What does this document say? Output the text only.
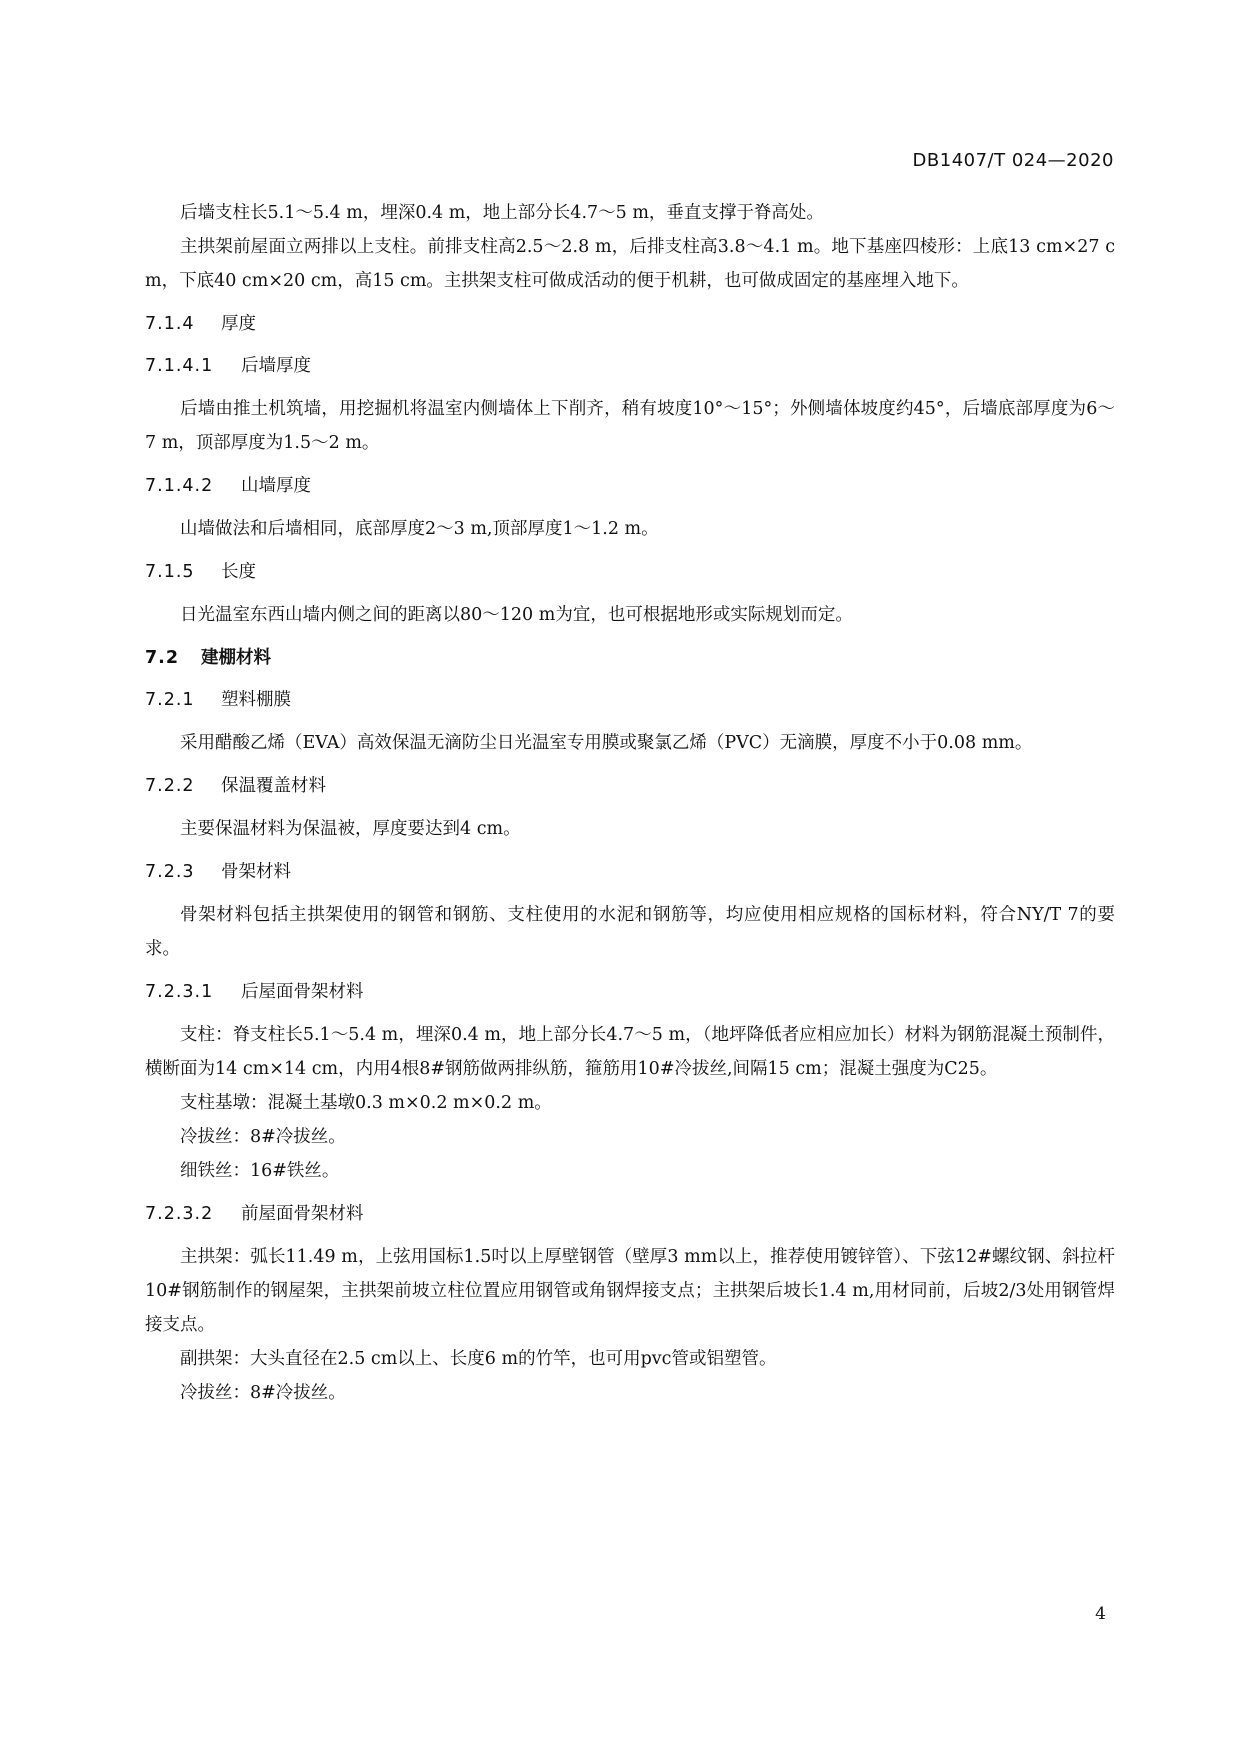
DB1407/T 024—2020

后墙支柱长5.1～5.4 m，埋深0.4 m，地上部分长4.7～5 m，垂直支撑于脊高处。

主拱架前屋面立两排以上支柱。前排支柱高2.5～2.8 m，后排支柱高3.8～4.1 m。地下基座四棱形：上底13 cm×27 cm，下底40 cm×20 cm，高15 cm。主拱架支柱可做成活动的便于机耕，也可做成固定的基座埋入地下。

7.1.4 厚度
7.1.4.1 后墙厚度

后墙由推土机筑墙，用挖掘机将温室内侧墙体上下削齐，稍有坡度10°～15°；外侧墙体坡度约45°，后墙底部厚度为6～7 m，顶部厚度为1.5～2 m。

7.1.4.2 山墙厚度

山墙做法和后墙相同，底部厚度2～3 m,顶部厚度1～1.2 m。

7.1.5 长度

日光温室东西山墙内侧之间的距离以80～120 m为宜，也可根据地形或实际规划而定。

7.2 建棚材料
7.2.1 塑料棚膜

采用醋酸乙烯（EVA）高效保温无滴防尘日光温室专用膜或聚氯乙烯（PVC）无滴膜，厚度不小于0.08 mm。

7.2.2 保温覆盖材料

主要保温材料为保温被，厚度要达到4 cm。

7.2.3 骨架材料

骨架材料包括主拱架使用的钢管和钢筋、支柱使用的水泥和钢筋等，均应使用相应规格的国标材料，符合NY/T 7的要求。

7.2.3.1 后屋面骨架材料

支柱：脊支柱长5.1～5.4 m，埋深0.4 m，地上部分长4.7～5 m，（地坪降低者应相应加长）材料为钢筋混凝土预制件，横断面为14 cm×14 cm，内用4根8#钢筋做两排纵筋，箍筋用10#冷拔丝,间隔15 cm；混凝土强度为C25。

支柱基墩：混凝土基墩0.3 m×0.2 m×0.2 m。

冷拔丝：8#冷拔丝。

细铁丝：16#铁丝。

7.2.3.2 前屋面骨架材料

主拱架：弧长11.49 m，上弦用国标1.5吋以上厚壁钢管（壁厚3 mm以上，推荐使用镀锌管）、下弦12#螺纹钢、斜拉杆10#钢筋制作的钢屋架，主拱架前坡立柱位置应用钢管或角钢焊接支点；主拱架后坡长1.4 m,用材同前，后坡2/3处用钢管焊接支点。

副拱架：大头直径在2.5 cm以上、长度6 m的竹竿，也可用pvc管或铝塑管。

冷拔丝：8#冷拔丝。

4
